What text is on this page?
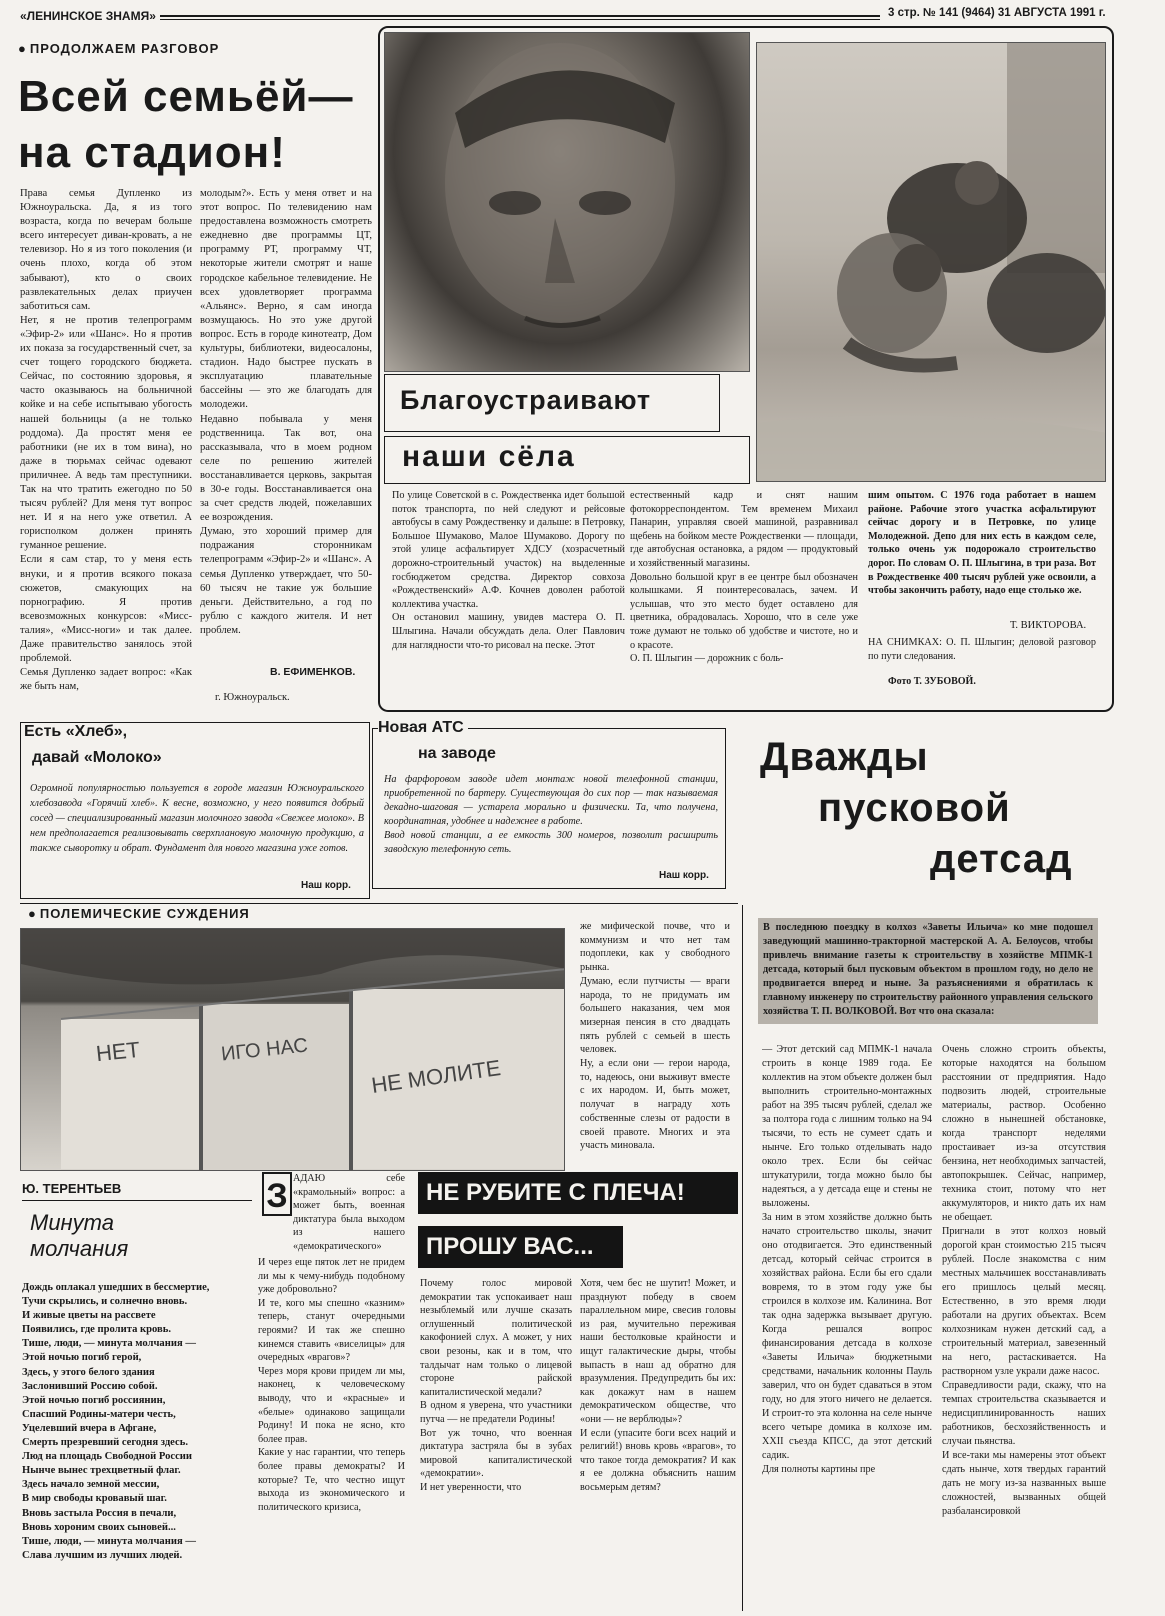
«ЛЕНИНСКОЕ ЗНАМЯ»	3 стр. № 141 (9464) 31 АВГУСТА 1991 г.
● ПРОДОЛЖАЕМ РАЗГОВОР
Всей семьёй—
на стадион!
Права семья Дупленко из Южноуральска. Да, я из того возраста, когда по вечерам больше всего интересует диван-кровать, а не телевизор. Но я из того поколения (и очень плохо, когда об этом забывают), кто о своих развлекательных делах приучен заботиться сам.
Нет, я не против телепрограмм «Эфир-2» или «Шанс». Но я против их показа за государственный счет, за счет тощего городского бюджета. Сейчас, по состоянию здоровья, я часто оказываюсь на больничной койке и на себе испытываю убогость нашей больницы (а не только роддома). Да простят меня ее работники (не их в том вина), но даже в тюрьмах сейчас одевают приличнее. А ведь там преступники. Так на что тратить ежегодно по 50 тысяч рублей? Для меня тут вопрос нет. И я на него уже ответил. А горисполком должен принять гуманное решение.
Если я сам стар, то у меня есть внуки, и я против всякого показа сюжетов, смакующих на порнографию. Я против всевозможных конкурсов: «Мисс-талия», «Мисс-ноги» и так далее. Даже правительство занялось этой проблемой.
Семья Дупленко задает вопрос: «Как же быть нам,
молодым?». Есть у меня ответ и на этот вопрос. По телевидению нам предоставлена возможность смотреть ежедневно две программы ЦТ, программу РТ, программу ЧТ, некоторые жители смотрят и наше городское кабельное телевидение. Не всех удовлетворяет программа «Альянс». Верно, я сам иногда возмущаюсь. Но это уже другой вопрос. Есть в городе кинотеатр, Дом культуры, библиотеки, видеосалоны, стадион. Надо быстрее пускать в эксплуатацию плавательные бассейны — это же благодать для молодежи.
Недавно побывала у меня родственница. Так вот, она рассказывала, что в моем родном селе по решению жителей восстанавливается церковь, закрытая в 30-е годы. Восстанавливается она за счет средств людей, пожелавших ее возрождения.
Думаю, это хороший пример для подражания сторонникам телепрограмм «Эфир-2» и «Шанс». А семья Дупленко утверждает, что 50-60 тысяч не такие уж большие деньги. Действительно, а год по рублю с каждого жителя. И нет проблем.
В. ЕФИМЕНКОВ.
г. Южноуральск.
Благоустраивают
наши сёла
По улице Советской в с. Рождественка идет большой поток транспорта, по ней следуют и рейсовые автобусы в саму Рождественку и дальше: в Петровку, Большое Шумаково, Малое Шумаково. Дорогу по этой улице асфальтирует ХДСУ (хозрасчетный дорожно-строительный участок) на выделенные госбюджетом средства. Директор совхоза «Рождественский» А.Ф. Кочнев доволен работой коллектива участка.
Он остановил машину, увидев мастера О. П. Шлыгина. Начали обсуждать дела. Олег Павлович для наглядности что-то рисовал на песке. Этот
естественный кадр и снят нашим фотокорреспондентом. Тем временем Михаил Панарин, управляя своей машиной, разравнивал щебень на бойком месте Рождественки — площади, где автобусная остановка, а рядом — продуктовый и хозяйственный магазины.
Довольно большой круг в ее центре был обозначен колышками. Я поинтересовалась, зачем. И услышав, что это место будет оставлено для цветника, обрадовалась. Хорошо, что в селе уже тоже думают не только об удобстве и чистоте, но и о красоте.
О. П. Шлыгин — дорожник с боль-
шим опытом. С 1976 года работает в нашем районе. Рабочие этого участка асфальтируют сейчас дорогу и в Петровке, по улице Молодежной. Депо для них есть в каждом селе, только очень уж подорожало строительство дорог. По словам О. П. Шлыгина, в три раза. Вот в Рождественке 400 тысяч рублей уже освоили, а чтобы закончить работу, надо еще столько же.
Т. ВИКТОРОВА.
НА СНИМКАХ: О. П. Шлыгин; деловой разговор по пути следования.
Фото Т. ЗУБОВОЙ.
Есть «Хлеб»,
давай «Молоко»
Огромной популярностью пользуется в городе магазин Южноуральского хлебозавода «Горячий хлеб». К весне, возможно, у него появится добрый сосед — специализированный магазин молочного завода «Свежее молоко». В нем предполагается реализовывать сверхплановую молочную продукцию, а также сыворотку и обрат. Фундамент для нового магазина уже готов.
Наш корр.
Новая АТС
на заводе
На фарфоровом заводе идет монтаж новой телефонной станции, приобретенной по бартеру. Существующая до сих пор — так называемая декадно-шаговая — устарела морально и физически. Та, что получена, координатная, удобнее и надежнее в работе.
Ввод новой станции, а ее емкость 300 номеров, позволит расширить заводскую телефонную сеть.
Наш корр.
Дважды
пусковой
детсад
В последнюю поездку в колхоз «Заветы Ильича» ко мне подошел заведующий машинно-тракторной мастерской А. А. Белоусов, чтобы привлечь внимание газеты к строительству в хозяйстве МПМК-1 детсада, который был пусковым объектом в прошлом году, но дело не продвигается вперед и ныне. За разъяснениями я обратилась к главному инженеру по строительству районного управления сельского хозяйства Т. П. ВОЛКОВОЙ. Вот что она сказала:
— Этот детский сад МПМК-1 начала строить в конце 1989 года. Ее коллектив на этом объекте должен был выполнить строительно-монтажных работ на 395 тысяч рублей, сделал же за полтора года с лишним только на 94 тысячи, то есть не сумеет сдать и нынче. Его только отделывать надо около трех. Если бы сейчас штукатурили, тогда можно было бы надеяться, а у детсада еще и стены не выложены.
За ним в этом хозяйстве должно быть начато строительство школы, значит оно отодвигается. Это единственный детсад, который сейчас строится в хозяйствах района. Если бы его сдали вовремя, то в этом году уже бы строился в колхозе им. Калинина. Вот так одна задержка вызывает другую. Когда решался вопрос финансирования детсада в колхозе «Заветы Ильича» бюджетными средствами, начальник колонны Пауль заверил, что он будет сдаваться в этом году, но для этого ничего не делается. И строит-то эта колонна на селе нынче всего четыре домика в колхозе им. XXII съезда КПСС, да этот детский садик.
Для полноты картины пре
Очень сложно строить объекты, которые находятся на большом расстоянии от предприятия. Надо подвозить людей, строительные материалы, раствор. Особенно сложно в нынешней обстановке, когда транспорт неделями простаивает из-за отсутствия бензина, нет необходимых запчастей, автопокрышек. Сейчас, например, техника стоит, потому что нет аккумуляторов, и никто дать их нам не обещает.
Пригнали в этот колхоз новый дорогой кран стоимостью 215 тысяч рублей. После знакомства с ним местных мальчишек восстанавливать его пришлось целый месяц. Естественно, в это время люди работали на других объектах. Всем колхозникам нужен детский сад, а строительный материал, завезенный на него, растаскивается. На растворном узле украли даже насос.
Справедливости ради, скажу, что на темпах строительства сказывается и недисциплинированность наших работников, бесхозяйственность и случаи пьянства.
И все-таки мы намерены этот объект сдать нынче, хотя твердых гарантий дать не могу из-за названных выше сложностей, вызванных общей разбалансировкой
● ПОЛЕМИЧЕСКИЕ СУЖДЕНИЯ
НЕТ	ИГО НАС
НЕ МОЛИТЕ
же мифической почве, что и коммунизм и что нет там подоплеки, как у свободного рынка.
Думаю, если путчисты — враги народа, то не придумать им большего наказания, чем моя мизерная пенсия в сто двадцать пять рублей с семьей в шесть человек.
Ну, а если они — герои народа, то, надеюсь, они выживут вместе с их народом. И, быть может, получат в награду хоть собственные слезы от радости в своей правоте. Многих и эта участь миновала.
Ю. ТЕРЕНТЬЕВ
Минута
молчания
Дождь оплакал ушедших в бессмертие,
Тучи скрылись, и солнечно вновь.
И живые цветы на рассвете
Появились, где пролита кровь.
Тише, люди, — минута молчания —
Этой ночью погиб герой,
Здесь, у этого белого здания
Заслонивший Россию собой.
Этой ночью погиб россиянин,
Спасший Родины-матери честь,
Уцелевший вчера в Афгане,
Смерть презревший сегодня здесь.
Люд на площадь Свободной России
Нынче вынес трехцветный флаг.
Здесь начало земной мессии,
В мир свободы кровавый шаг.
Вновь застыла Россия в печали,
Вновь хороним своих сыновей...
Тише, люди, — минута молчания —
Слава лучшим из лучших людей.
З АДАЮ себе «крамольный» вопрос: а может быть, военная диктатура была выходом из нашего «демократического»
И через еще пяток лет не придем ли мы к чему-нибудь подобному уже добровольно?
И те, кого мы спешно «казним» теперь, станут очередными героями? И так же спешно кинемся ставить «виселицы» для очередных «врагов»?
Через моря крови придем ли мы, наконец, к человеческому выводу, что и «красные» и «белые» одинаково защищали Родину! И пока не ясно, кто более прав.
Какие у нас гарантии, что теперь более правы демократы? И которые? Те, что честно ищут выхода из экономического и политического кризиса,
НЕ РУБИТЕ С ПЛЕЧА!
ПРОШУ ВАС...
Почему голос мировой демократии так успокаивает наш незыблемый или лучше сказать оглушенный политической какофонией слух. А может, у них свои резоны, как и в том, что талдычат нам только о лицевой стороне райской капиталистической медали?
В одном я уверена, что участники путча — не предатели Родины!
Вот уж точно, что военная диктатура застряла бы в зубах мировой капиталистической «демократии».
И нет уверенности, что
Хотя, чем бес не шутит! Может, и празднуют победу в своем параллельном мире, свесив головы из рая, мучительно переживая наши бестолковые крайности и ищут галактические дыры, чтобы выпасть в наш ад обратно для вразумления. Предупредить бы их: как докажут нам в нашем демократическом обществе, что «они — не верблюды»?
И если (упасите боги всех наций и религий!) вновь кровь «врагов», то что такое тогда демократия? И как я ее должна объяснить нашим восьмерым детям?
